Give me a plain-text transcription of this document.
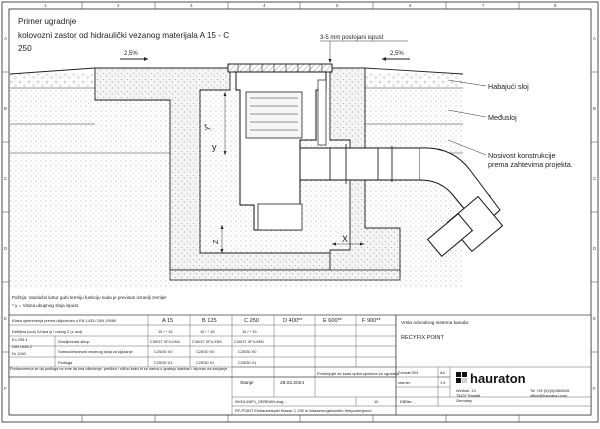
1	2	3	4	5	6	7	8
A
B
C
D
E
F
A
B
C
D
E
F
Primer ugradnje
kolovozni zastor od hidraulički vezanog materijala A 15 - C
250
2,5%	2,5%
3-5 mm postojani ispust
Habajući sloj
Međusloj
Nosivost konstrukcije
prema zahtevima projekta.
y
y*
Z	X
Pažnja: Vazdušni kotur gubi termiju funkciju sada je previsan izmedji zemlje!
* y = Visina ukupnog sloja ispust
Klasa opterećenja prema ukljucenim u EN 1433 / DIN 19580	A 15	B 125	C 250	D 400**	E 600**	F 900**
Debljina (cca) X/ruka ly / razlog Z (x ucd)	10 / * 15	10 / * 15	15 / * 15
En 206-1
DIN 1045-2
Dr 1040
Gradjevinski sklop	C30/37 XF4-XM1	C30/37 XF4-XM1	C30/37 XF4-XM1
Samoučestanost vezanog sloja za ojačanje	C25/30 X0	C25/30 X0	C25/30 X0
Podloga	C25/30 X1	C25/30 X1	C25/30 X1
Podrazumeva se da podloga ne sme da ima oštećenje: predlozi i slično kako bi se nanos u gradnju stabilan i otporan na savijanje.
Vrsta odvodnog sistema kanala:
RECYFIX POINT
Stanje	28.02.2024
Primenjujte se kada opšta uputstva za ugradnju.
Format DIN	A4
razmer	1:5
000014/6P1_SERBIAN.dwg	10	EBBiw
RF-POINT Einbaubeispiel Klasse C 250 in Wasserungsbunden Weguntergrund
hauraton
Werkstr. 13
76437 Rastatt
Germany
Tel +49 (0)/(0)2860026
office@hauraton.com
